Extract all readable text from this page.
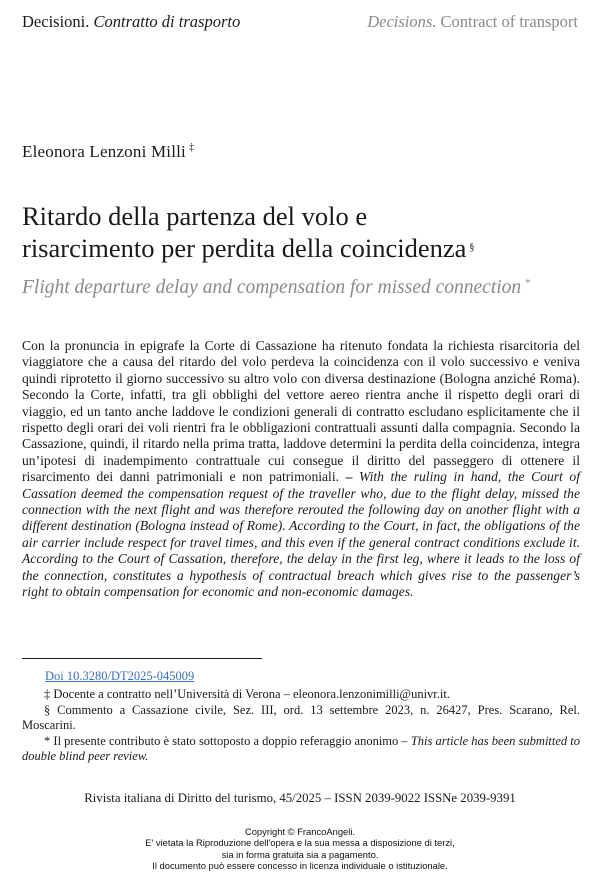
Decisioni. Contratto di trasporto	Decisions. Contract of transport
Eleonora Lenzoni Milli ‡
Ritardo della partenza del volo e
risarcimento per perdita della coincidenza §
Flight departure delay and compensation for missed connection *
Con la pronuncia in epigrafe la Corte di Cassazione ha ritenuto fondata la richiesta risarcitoria del viaggiatore che a causa del ritardo del volo perdeva la coincidenza con il volo successivo e veniva quindi riprotetto il giorno successivo su altro volo con diversa destinazione (Bologna anziché Roma). Secondo la Corte, infatti, tra gli obblighi del vettore aereo rientra anche il rispetto degli orari di viaggio, ed un tanto anche laddove le condizioni generali di contratto escludano esplicitamente che il rispetto degli orari dei voli rientri fra le obbligazioni contrattuali assunti dalla compagnia. Secondo la Cassazione, quindi, il ritardo nella prima tratta, laddove determini la perdita della coincidenza, integra un’ipotesi di inadempimento contrattuale cui consegue il diritto del passeggero di ottenere il risarcimento dei danni patrimoniali e non patrimoniali. – With the ruling in hand, the Court of Cassation deemed the compensation request of the traveller who, due to the flight delay, missed the connection with the next flight and was therefore rerouted the following day on another flight with a different destination (Bologna instead of Rome). According to the Court, in fact, the obligations of the air carrier include respect for travel times, and this even if the general contract conditions exclude it. According to the Court of Cassation, therefore, the delay in the first leg, where it leads to the loss of the connection, constitutes a hypothesis of contractual breach which gives rise to the passenger’s right to obtain compensation for economic and non-economic damages.
Doi 10.3280/DT2025-045009

‡ Docente a contratto nell’Università di Verona – eleonora.lenzonimilli@univr.it.

§ Commento a Cassazione civile, Sez. III, ord. 13 settembre 2023, n. 26427, Pres. Scarano, Rel. Moscarini.

* Il presente contributo è stato sottoposto a doppio referaggio anonimo – This article has been submitted to double blind peer review.

Rivista italiana di Diritto del turismo, 45/2025 – ISSN 2039-9022 ISSNe 2039-9391
Copyright © FrancoAngeli.
E' vietata la Riproduzione dell'opera e la sua messa a disposizione di terzi,
sia in forma gratuita sia a pagamento.
Il documento può essere concesso in licenza individuale o istituzionale.
